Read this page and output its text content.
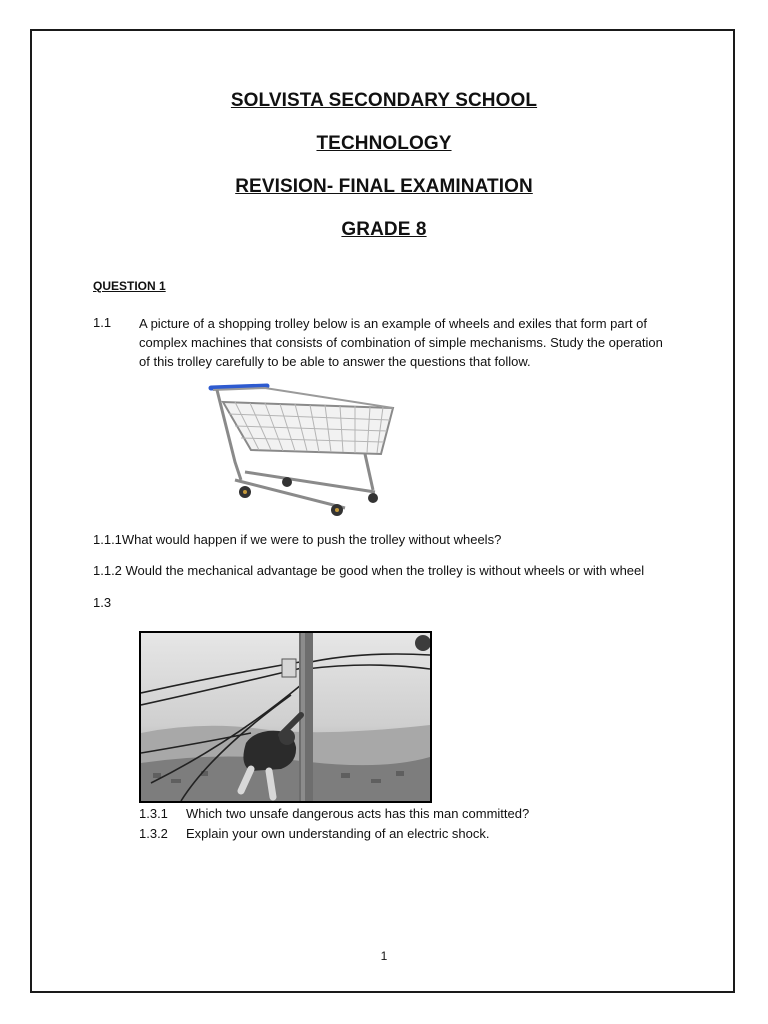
SOLVISTA SECONDARY SCHOOL
TECHNOLOGY
REVISION- FINAL EXAMINATION
GRADE 8
QUESTION 1
1.1 A picture of a shopping trolley below is an example of wheels and exiles that form part of
complex machines that consists of combination of simple mechanisms. Study the operation
of this trolley carefully to be able to answer the questions that follow.
1.1.1What would happen if we were to push the trolley without wheels?
1.1.2 Would the mechanical advantage be good when the trolley is without wheels or with wheel
1.3
1.3.1 Which two unsafe dangerous acts has this man committed?
1.3.2 Explain your own understanding of an electric shock.
1
